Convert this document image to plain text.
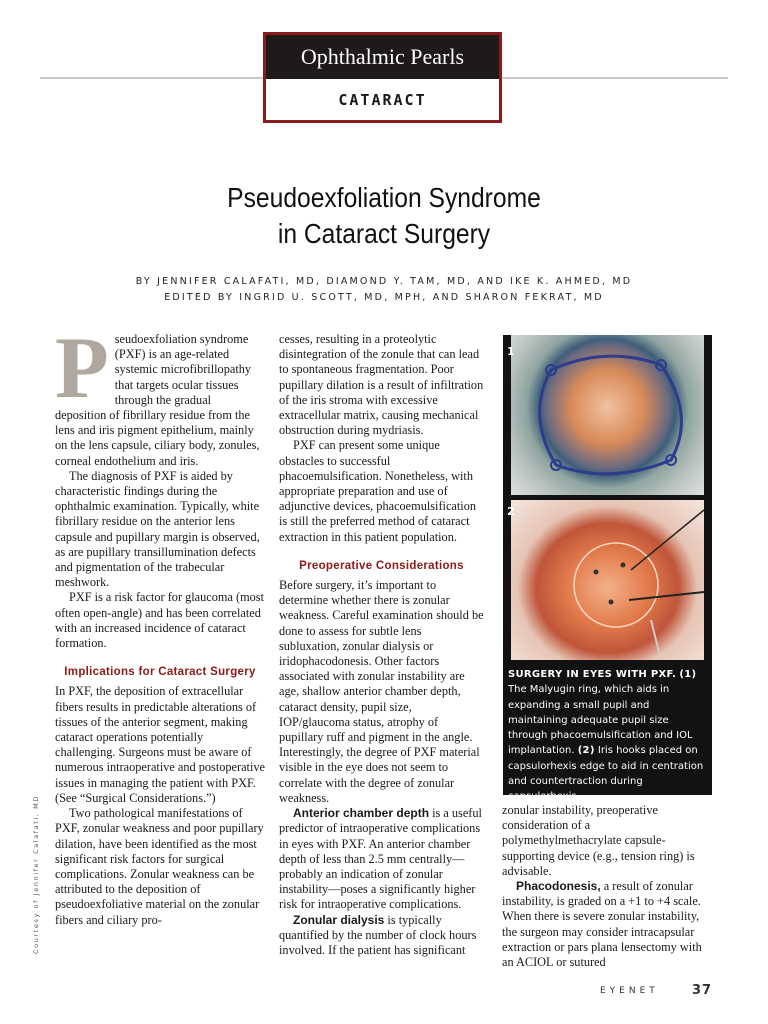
Ophthalmic Pearls
CATARACT
Pseudoexfoliation Syndrome
in Cataract Surgery
BY JENNIFER CALAFATI, MD, DIAMOND Y. TAM, MD, AND IKE K. AHMED, MD
EDITED BY INGRID U. SCOTT, MD, MPH, AND SHARON FEKRAT, MD

Pseudoexfoliation syndrome (PXF) is an age-related systemic microfibrillopathy that targets ocular tissues through the gradual deposition of fibrillary residue from the lens and iris pigment epithelium, mainly on the lens capsule, ciliary body, zonules, corneal endothelium and iris.

The diagnosis of PXF is aided by characteristic findings during the ophthalmic examination. Typically, white fibrillary residue on the anterior lens capsule and pupillary margin is observed, as are pupillary transillumination defects and pigmentation of the trabecular meshwork.

PXF is a risk factor for glaucoma (most often open-angle) and has been correlated with an increased incidence of cataract formation.

Implications for Cataract Surgery

In PXF, the deposition of extracellular fibers results in predictable alterations of tissues of the anterior segment, making cataract operations potentially challenging. Surgeons must be aware of numerous intraoperative and postoperative issues in managing the patient with PXF. (See “Surgical Considerations.”)

Two pathological manifestations of PXF, zonular weakness and poor pupillary dilation, have been identified as the most significant risk factors for surgical complications. Zonular weakness can be attributed to the deposition of pseudoexfoliative material on the zonular fibers and ciliary pro-

cesses, resulting in a proteolytic disintegration of the zonule that can lead to spontaneous fragmentation. Poor pupillary dilation is a result of infiltration of the iris stroma with excessive extracellular matrix, causing mechanical obstruction during mydriasis.

PXF can present some unique obstacles to successful phacoemulsification. Nonetheless, with appropriate preparation and use of adjunctive devices, phacoemulsification is still the preferred method of cataract extraction in this patient population.

Preoperative Considerations

Before surgery, it’s important to determine whether there is zonular weakness. Careful examination should be done to assess for subtle lens subluxation, zonular dialysis or iridophacodonesis. Other factors associated with zonular instability are age, shallow anterior chamber depth, cataract density, pupil size, IOP/glaucoma status, atrophy of pupillary ruff and pigment in the angle. Interestingly, the degree of PXF material visible in the eye does not seem to correlate with the degree of zonular weakness.

Anterior chamber depth is a useful predictor of intraoperative complications in eyes with PXF. An anterior chamber depth of less than 2.5 mm centrally—probably an indication of zonular instability—poses a significantly higher risk for intraoperative complications.

Zonular dialysis is typically quantified by the number of clock hours involved. If the patient has significant

1
2
SURGERY IN EYES WITH PXF. (1) The Malyugin ring, which aids in expanding a small pupil and maintaining adequate pupil size through phacoemulsification and IOL implantation. (2) Iris hooks placed on capsulorhexis edge to aid in centration and countertraction during capsulorhexis.

zonular instability, preoperative consideration of a polymethylmethacrylate capsule-supporting device (e.g., tension ring) is advisable.

Phacodonesis, a result of zonular instability, is graded on a +1 to +4 scale. When there is severe zonular instability, the surgeon may consider intracapsular extraction or pars plana lensectomy with an ACIOL or sutured

Courtesy of Jennifer Calafati, MD
EYENET	37
